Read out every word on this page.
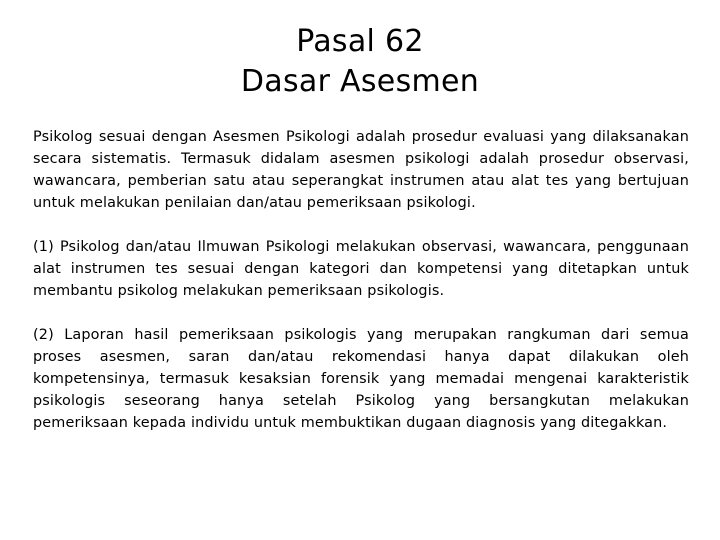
Pasal 62
Dasar Asesmen

Psikolog sesuai dengan Asesmen Psikologi adalah prosedur evaluasi yang dilaksanakan secara sistematis. Termasuk didalam asesmen psikologi adalah prosedur observasi, wawancara, pemberian satu atau seperangkat instrumen atau alat tes yang bertujuan untuk melakukan penilaian dan/atau pemeriksaan psikologi.

(1) Psikolog dan/atau Ilmuwan Psikologi melakukan observasi, wawancara, penggunaan alat instrumen tes sesuai dengan kategori dan kompetensi yang ditetapkan untuk membantu psikolog melakukan pemeriksaan psikologis.

(2) Laporan hasil pemeriksaan psikologis yang merupakan rangkuman dari semua proses asesmen, saran dan/atau rekomendasi hanya dapat dilakukan oleh kompetensinya, termasuk kesaksian forensik yang memadai mengenai karakteristik psikologis seseorang hanya setelah Psikolog yang bersangkutan melakukan pemeriksaan kepada individu untuk membuktikan dugaan diagnosis yang ditegakkan.
